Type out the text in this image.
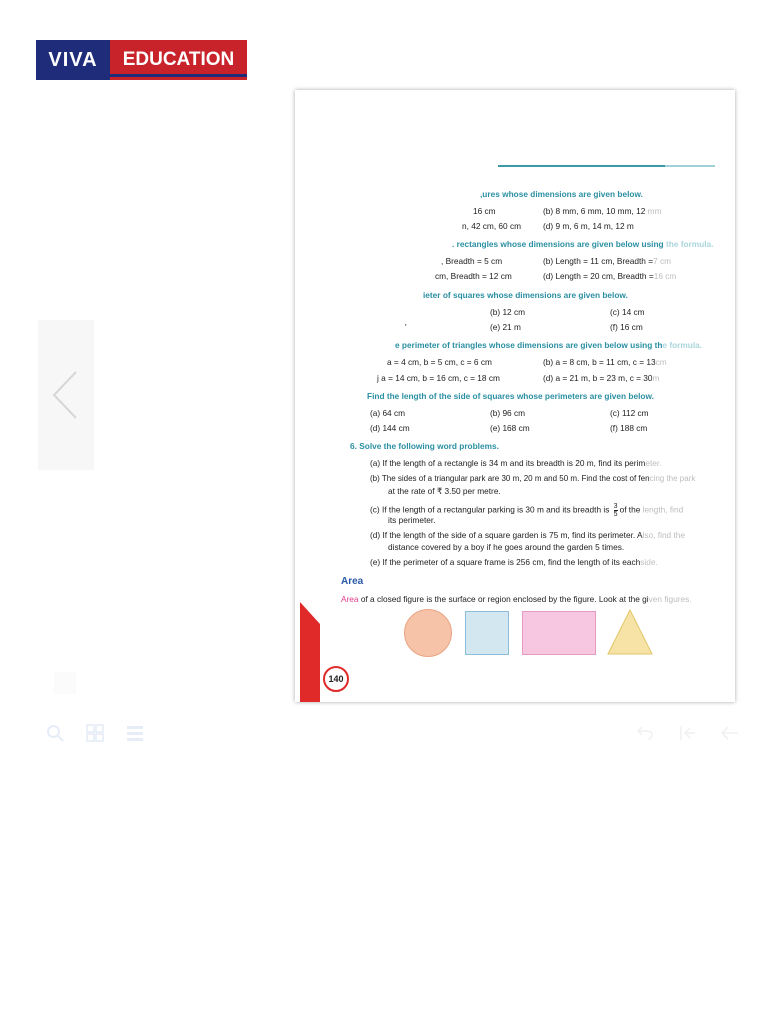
VIVA	EDUCATION
,ures whose dimensions are given below.
16 cm	(b) 8 mm, 6 mm, 10 mm, 12 mm
n, 42 cm, 60 cm	(d) 9 m, 6 m, 14 m, 12 m
. rectangles whose dimensions are given below using the formula.
, Breadth = 5 cm	(b) Length = 11 cm, Breadth =7 cm
cm, Breadth = 12 cm	(d) Length = 20 cm, Breadth =16 cm
ieter of squares whose dimensions are given below.
(b) 12 cm	(c) 14 cm
'	(e) 21 m	(f) 16 cm
e perimeter of triangles whose dimensions are given below using the formula.
a = 4 cm, b = 5 cm, c = 6 cm	(b) a = 8 cm, b = 11 cm, c = 13cm
j a = 14 cm, b = 16 cm, c = 18 cm	(d) a = 21 m, b = 23 m, c = 30m
Find the length of the side of squares whose perimeters are given below.
(a) 64 cm	(b) 96 cm	(c) 112 cm
(d) 144 cm	(e) 168 cm	(f) 188 cm
6. Solve the following word problems.
(a) If the length of a rectangle is 34 m and its breadth is 20 m, find its perimeter.
(b) The sides of a triangular park are 30 m, 20 m and 50 m. Find the cost of fencing the park
at the rate of ₹ 3.50 per metre.
(c) If the length of a rectangular parking is 30 m and its breadth is $\frac{3}{5}$ of the length, find
its perimeter.
(d) If the length of the side of a square garden is 75 m, find its perimeter. Also, find the
distance covered by a boy if he goes around the garden 5 times.
(e) If the perimeter of a square frame is 256 cm, find the length of its eachside.
Area
Area of a closed figure is the surface or region enclosed by the figure. Look at the given figures.
140
